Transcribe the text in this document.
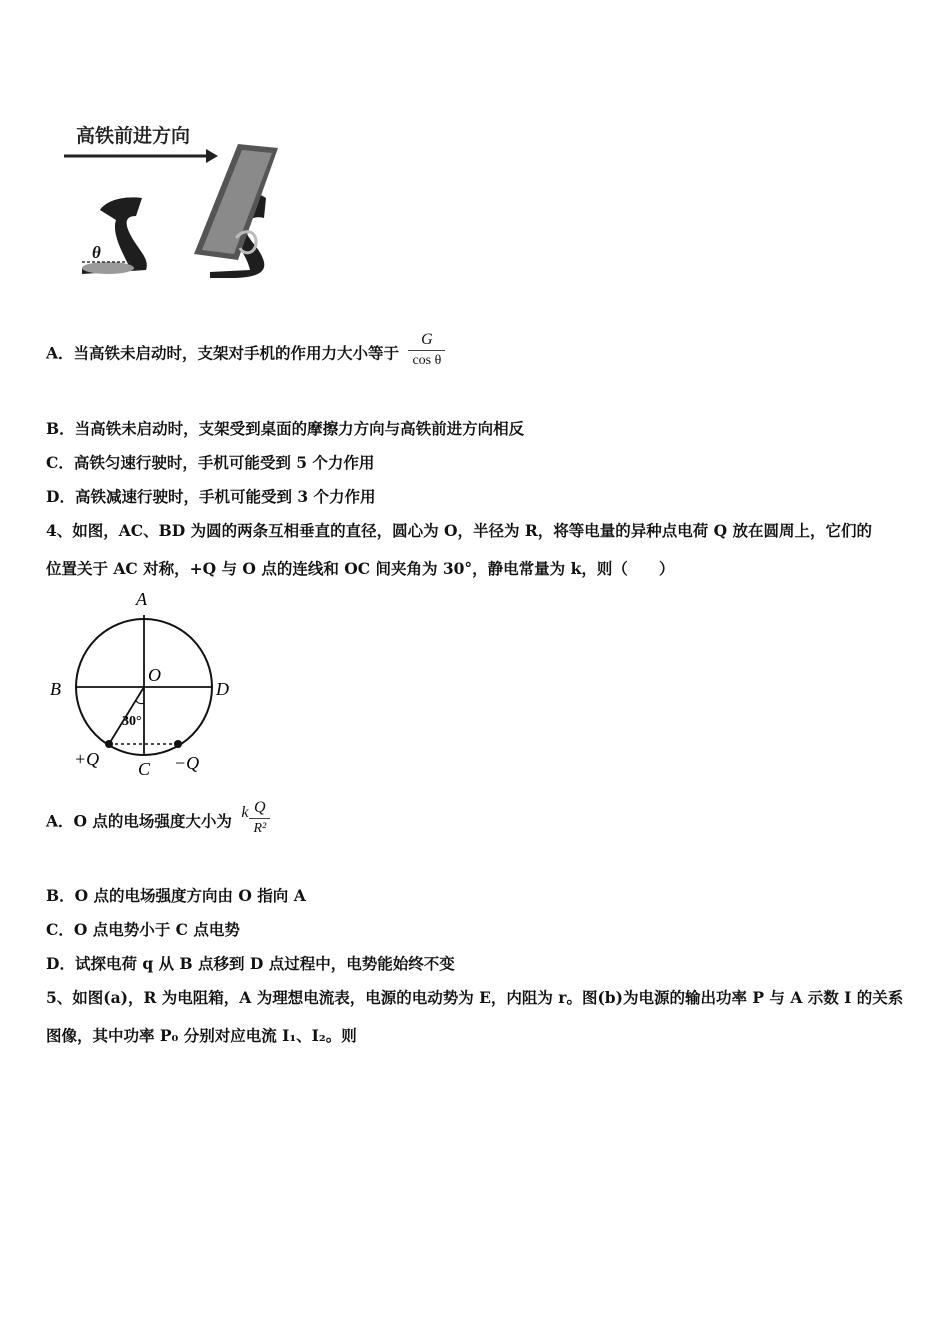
高铁前进方向
θ
A．当高铁未启动时，支架对手机的作用力大小等于 $\frac{G}{\text{cos θ}}$
B．当高铁未启动时，支架受到桌面的摩擦力方向与高铁前进方向相反
C．高铁匀速行驶时，手机可能受到 5 个力作用
D．高铁减速行驶时，手机可能受到 3 个力作用
4、如图，AC、BD 为圆的两条互相垂直的直径，圆心为 O，半径为 R，将等电量的异种点电荷 Q 放在圆周上，它们的
位置关于 AC 对称，+Q 与 O 点的连线和 OC 间夹角为 30°，静电常量为 k，则（　　）
A
B	D
O
30°
+Q C −Q
A．O 点的电场强度大小为 k $\frac{Q}{\text{R²}}$
B．O 点的电场强度方向由 O 指向 A
C．O 点电势小于 C 点电势
D．试探电荷 q 从 B 点移到 D 点过程中，电势能始终不变
5、如图(a)，R 为电阻箱，A 为理想电流表，电源的电动势为 E，内阻为 r。图(b)为电源的输出功率 P 与 A 示数 I 的关系
图像，其中功率 P₀ 分别对应电流 I₁、I₂。则
